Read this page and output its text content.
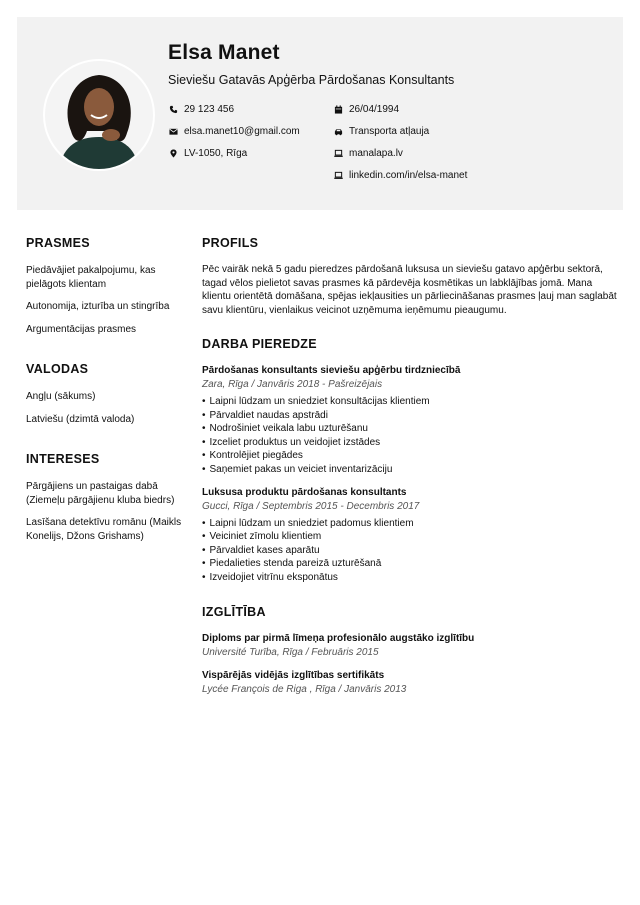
Elsa Manet
Sieviešu Gatavās Apģērba Pārdošanas Konsultants
29 123 456
elsa.manet10@gmail.com
LV-1050, Rīga
26/04/1994
Transporta atļauja
manalapa.lv
linkedin.com/in/elsa-manet
PRASMES
Piedāvājiet pakalpojumu, kas pielāgots klientam
Autonomija, izturība un stingrība
Argumentācijas prasmes
VALODAS
Angļu (sākums)
Latviešu (dzimtā valoda)
INTERESES
Pārgājiens un pastaigas dabā (Ziemeļu pārgājienu kluba biedrs)
Lasīšana detektīvu romānu (Maikls Konelijs, Džons Grishams)
PROFILS
Pēc vairāk nekā 5 gadu pieredzes pārdošanā luksusa un sieviešu gatavo apģērbu sektorā, tagad vēlos pielietot savas prasmes kā pārdevēja kosmētikas un labklājības jomā. Mana klientu orientētā domāšana, spējas iekļausities un pārliecināšanas prasmes ļauj man saglabāt savu klientūru, vienlaikus veicinot uzņēmuma ieņēmumu pieaugumu.
DARBA PIEREDZE
Pārdošanas konsultants sieviešu apģērbu tirdzniecībā
Zara, Rīga / Janvāris 2018 - Pašreizējais
• Laipni lūdzam un sniedziet konsultācijas klientiem
• Pārvaldiet naudas apstrādi
• Nodrošiniet veikala labu uzturēšanu
• Izceliet produktus un veidojiet izstādes
• Kontrolējiet piegādes
• Saņemiet pakas un veiciet inventarizāciju
Luksusa produktu pārdošanas konsultants
Gucci, Rīga / Septembris 2015 - Decembris 2017
• Laipni lūdzam un sniedziet padomus klientiem
• Veiciniet zīmolu klientiem
• Pārvaldiet kases aparātu
• Piedalieties stenda pareizā uzturēšanā
• Izveidojiet vitrīnu eksponātus
IZGLĪTĪBA
Diploms par pirmā līmeņa profesionālo augstāko izglītību
Université Turība, Rīga / Februāris 2015
Vispārējās vidējās izglītības sertifikāts
Lycée François de Riga , Rīga / Janvāris 2013
